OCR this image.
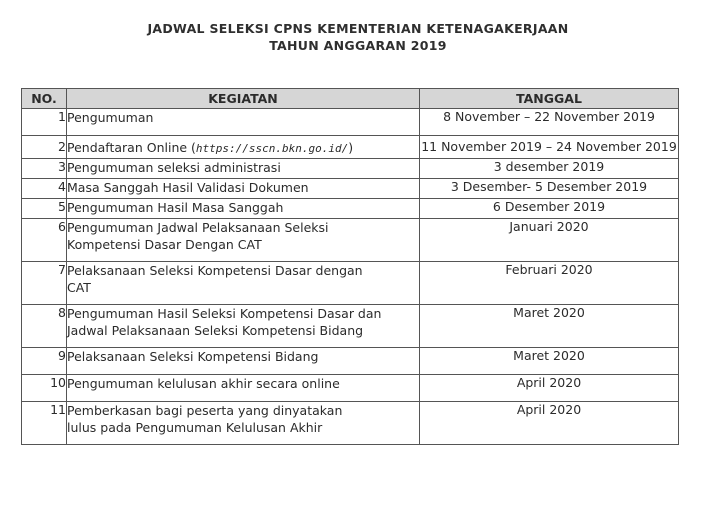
JADWAL SELEKSI CPNS KEMENTERIAN KETENAGAKERJAAN
TAHUN ANGGARAN 2019
NO.	KEGIATAN	TANGGAL
1	Pengumuman	8 November – 22 November 2019
2	Pendaftaran Online (https://sscn.bkn.go.id/)	11 November 2019 – 24 November 2019
3	Pengumuman seleksi administrasi	3 desember 2019
4	Masa Sanggah Hasil Validasi Dokumen	3 Desember- 5 Desember 2019
5	Pengumuman Hasil Masa Sanggah	6 Desember 2019
6	Pengumuman Jadwal Pelaksanaan Seleksi
Kompetensi Dasar Dengan CAT	Januari 2020
7	Pelaksanaan Seleksi Kompetensi Dasar dengan
CAT	Februari 2020
8	Pengumuman Hasil Seleksi Kompetensi Dasar dan
Jadwal Pelaksanaan Seleksi Kompetensi Bidang	Maret 2020
9	Pelaksanaan Seleksi Kompetensi Bidang	Maret 2020
10	Pengumuman kelulusan akhir secara online	April 2020
11	Pemberkasan bagi peserta yang dinyatakan
lulus pada Pengumuman Kelulusan Akhir	April 2020
